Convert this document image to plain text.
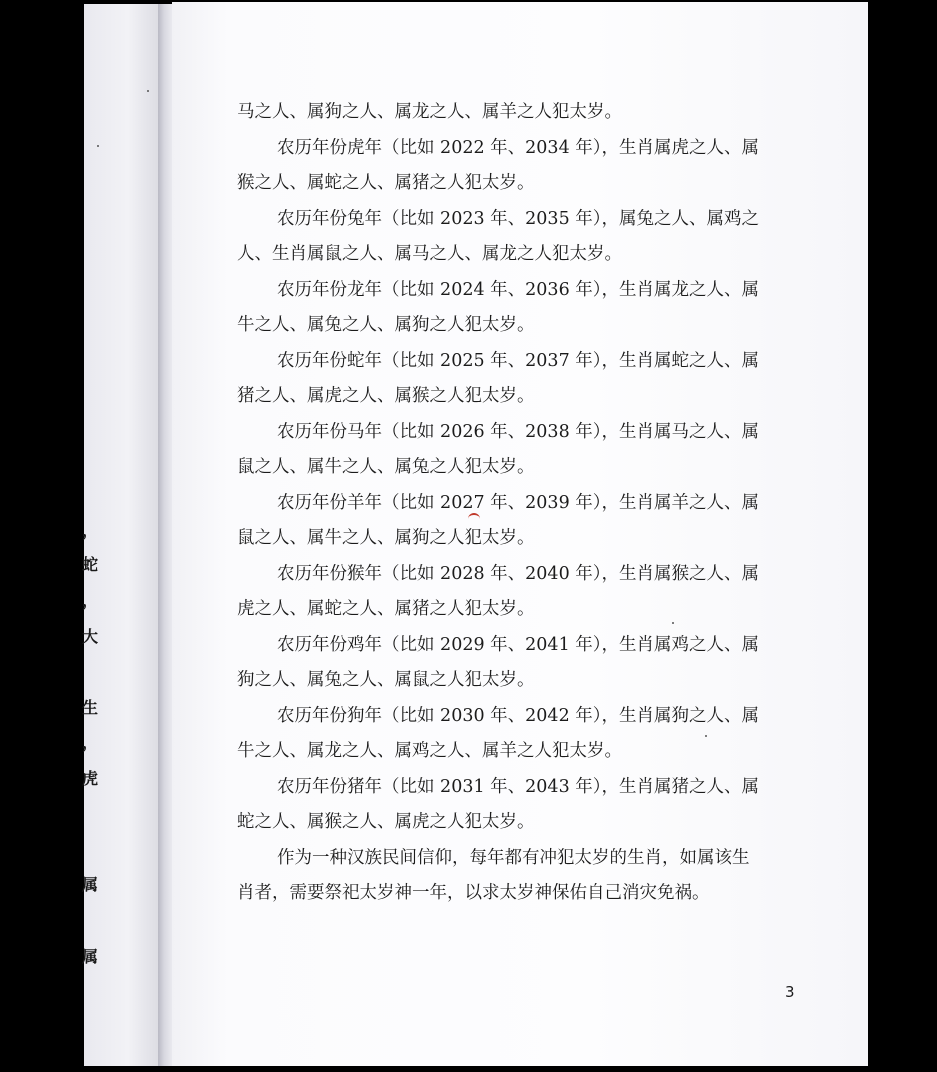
，
蛇
，
大
生
，
虎
属
属
马之人、属狗之人、属龙之人、属羊之人犯太岁。
农历年份虎年（比如 2022 年、2034 年），生肖属虎之人、属
猴之人、属蛇之人、属猪之人犯太岁。
农历年份兔年（比如 2023 年、2035 年），属兔之人、属鸡之
人、生肖属鼠之人、属马之人、属龙之人犯太岁。
农历年份龙年（比如 2024 年、2036 年），生肖属龙之人、属
牛之人、属兔之人、属狗之人犯太岁。
农历年份蛇年（比如 2025 年、2037 年），生肖属蛇之人、属
猪之人、属虎之人、属猴之人犯太岁。
农历年份马年（比如 2026 年、2038 年），生肖属马之人、属
鼠之人、属牛之人、属兔之人犯太岁。
农历年份羊年（比如 2027 年、2039 年），生肖属羊之人、属
鼠之人、属牛之人、属狗之人犯太岁。
农历年份猴年（比如 2028 年、2040 年），生肖属猴之人、属
虎之人、属蛇之人、属猪之人犯太岁。
农历年份鸡年（比如 2029 年、2041 年），生肖属鸡之人、属
狗之人、属兔之人、属鼠之人犯太岁。
农历年份狗年（比如 2030 年、2042 年），生肖属狗之人、属
牛之人、属龙之人、属鸡之人、属羊之人犯太岁。
农历年份猪年（比如 2031 年、2043 年），生肖属猪之人、属
蛇之人、属猴之人、属虎之人犯太岁。
作为一种汉族民间信仰，每年都有冲犯太岁的生肖，如属该生
肖者，需要祭祀太岁神一年，以求太岁神保佑自己消灾免祸。
3
